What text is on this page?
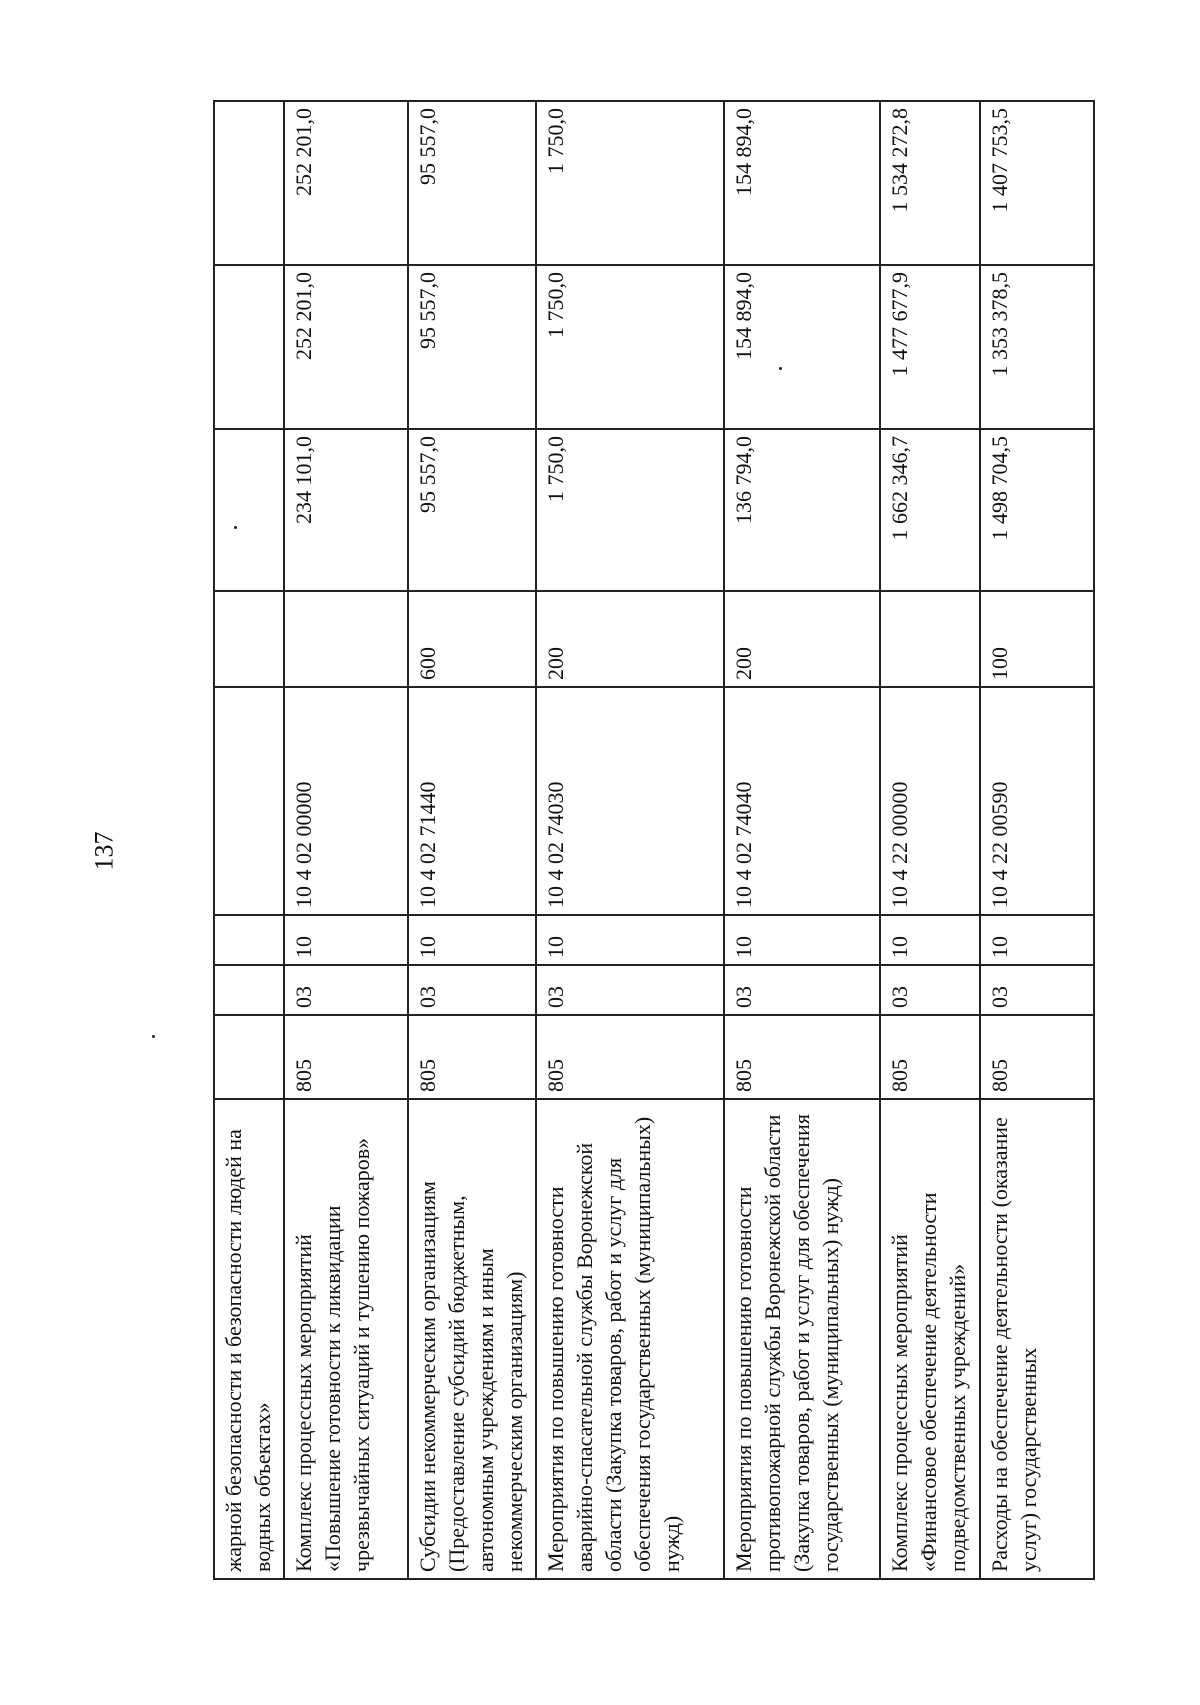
137
жарной безопасности и безопасности людей на водных объектах»								
Комплекс процессных мероприятий «Повышение готовности к ликвидации чрезвычайных ситуаций и тушению пожаров»	805	03	10	10 4 02 00000		234 101,0	252 201,0	252 201,0
Субсидии некоммерческим организациям (Предоставление субсидий бюджетным, автономным учреждениям и иным некоммерческим организациям)	805	03	10	10 4 02 71440	600	95 557,0	95 557,0	95 557,0
Мероприятия по повышению готовности аварийно-спасательной службы Воронежской области (Закупка товаров, работ и услуг для обеспечения государственных (муниципальных) нужд)	805	03	10	10 4 02 74030	200	1 750,0	1 750,0	1 750,0
Мероприятия по повышению готовности противопожарной службы Воронежской области (Закупка товаров, работ и услуг для обеспечения государственных (муниципальных) нужд)	805	03	10	10 4 02 74040	200	136 794,0	154 894,0	154 894,0
Комплекс процессных мероприятий «Финансовое обеспечение деятельности подведомственных учреждений»	805	03	10	10 4 22 00000		1 662 346,7	1 477 677,9	1 534 272,8
Расходы на обеспечение деятельности (оказание услуг) государственных	805	03	10	10 4 22 00590	100	1 498 704,5	1 353 378,5	1 407 753,5
